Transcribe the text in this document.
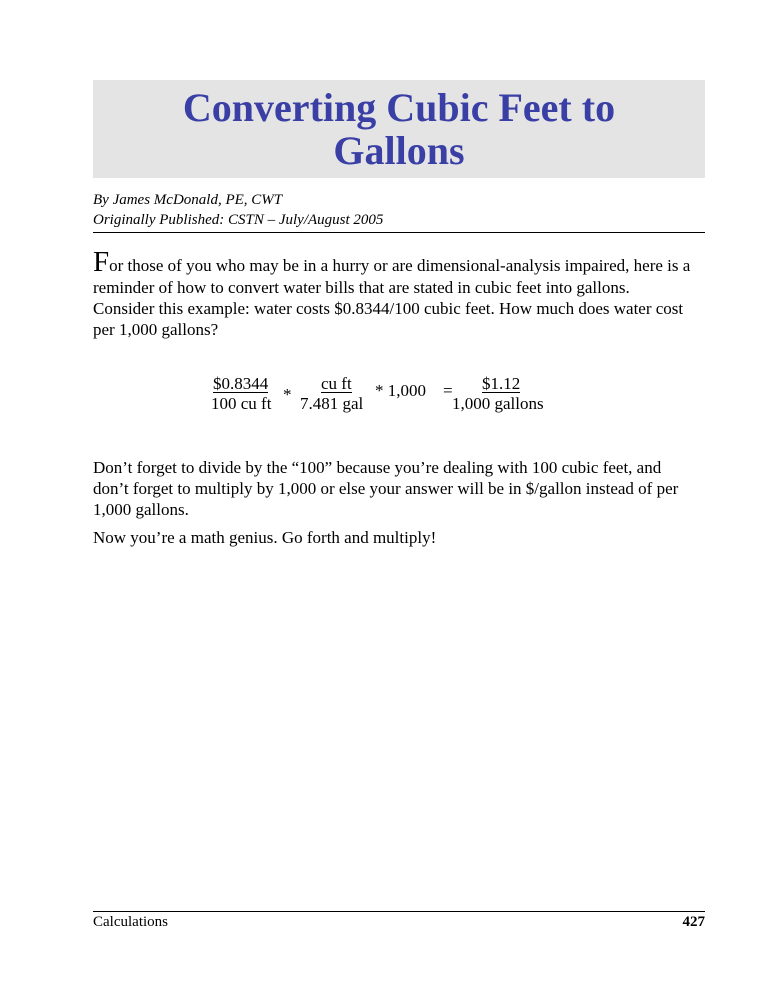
Converting Cubic Feet to
Gallons
By James McDonald, PE, CWT
Originally Published: CSTN – July/August 2005
For those of you who may be in a hurry or are dimensional-analysis impaired, here is a reminder of how to convert water bills that are stated in cubic feet into gallons. Consider this example: water costs $0.8344/100 cubic feet. How much does water cost per 1,000 gallons?
$0.8344
100 cu ft *
cu ft
7.481 gal
* 1,000 = $1.12
1,000 gallons
Don’t forget to divide by the “100” because you’re dealing with 100 cubic feet, and don’t forget to multiply by 1,000 or else your answer will be in $/gallon instead of per 1,000 gallons.
Now you’re a math genius. Go forth and multiply!
Calculations	427
